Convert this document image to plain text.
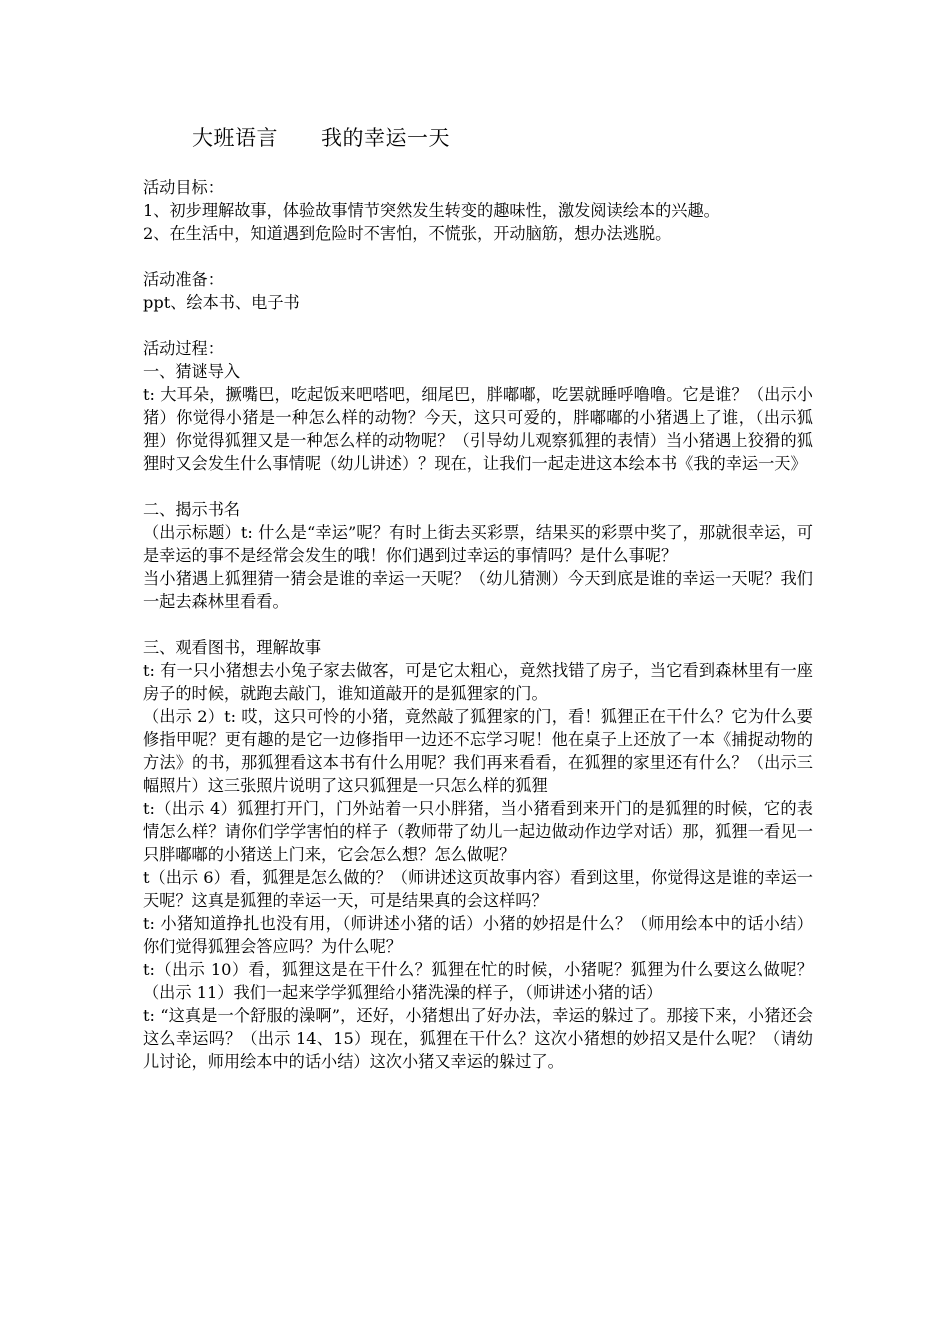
大班语言      我的幸运一天

活动目标：

1、初步理解故事，体验故事情节突然发生转变的趣味性，激发阅读绘本的兴趣。

2、在生活中，知道遇到危险时不害怕，不慌张，开动脑筋，想办法逃脱。

活动准备：

ppt、绘本书、电子书

活动过程：

一、猜谜导入

t: 大耳朵，撅嘴巴，吃起饭来吧嗒吧，细尾巴，胖嘟嘟，吃罢就睡呼噜噜。它是谁？（出示小猪）你觉得小猪是一种怎么样的动物？今天，这只可爱的，胖嘟嘟的小猪遇上了谁，（出示狐狸）你觉得狐狸又是一种怎么样的动物呢？（引导幼儿观察狐狸的表情）当小猪遇上狡猾的狐狸时又会发生什么事情呢（幼儿讲述）？现在，让我们一起走进这本绘本书《我的幸运一天》

二、揭示书名

（出示标题）t: 什么是“幸运”呢？有时上街去买彩票，结果买的彩票中奖了，那就很幸运，可是幸运的事不是经常会发生的哦！你们遇到过幸运的事情吗？是什么事呢？

当小猪遇上狐狸猜一猜会是谁的幸运一天呢？（幼儿猜测）今天到底是谁的幸运一天呢？我们一起去森林里看看。

三、观看图书，理解故事

t: 有一只小猪想去小兔子家去做客，可是它太粗心，竟然找错了房子，当它看到森林里有一座房子的时候，就跑去敲门，谁知道敲开的是狐狸家的门。

（出示 2）t: 哎，这只可怜的小猪，竟然敲了狐狸家的门，看！狐狸正在干什么？它为什么要修指甲呢？更有趣的是它一边修指甲一边还不忘学习呢！他在桌子上还放了一本《捕捉动物的方法》的书，那狐狸看这本书有什么用呢？我们再来看看，在狐狸的家里还有什么？（出示三幅照片）这三张照片说明了这只狐狸是一只怎么样的狐狸

t:（出示 4）狐狸打开门，门外站着一只小胖猪，当小猪看到来开门的是狐狸的时候，它的表情怎么样？请你们学学害怕的样子（教师带了幼儿一起边做动作边学对话）那，狐狸一看见一只胖嘟嘟的小猪送上门来，它会怎么想？怎么做呢？

t（出示 6）看，狐狸是怎么做的？（师讲述这页故事内容）看到这里，你觉得这是谁的幸运一天呢？这真是狐狸的幸运一天，可是结果真的会这样吗？

t: 小猪知道挣扎也没有用，（师讲述小猪的话）小猪的妙招是什么？（师用绘本中的话小结）你们觉得狐狸会答应吗？为什么呢？

t:（出示 10）看，狐狸这是在干什么？狐狸在忙的时候，小猪呢？狐狸为什么要这么做呢？（出示 11）我们一起来学学狐狸给小猪洗澡的样子，（师讲述小猪的话）

t: “这真是一个舒服的澡啊”，还好，小猪想出了好办法，幸运的躲过了。那接下来，小猪还会这么幸运吗？（出示 14、15）现在，狐狸在干什么？这次小猪想的妙招又是什么呢？（请幼儿讨论，师用绘本中的话小结）这次小猪又幸运的躲过了。
